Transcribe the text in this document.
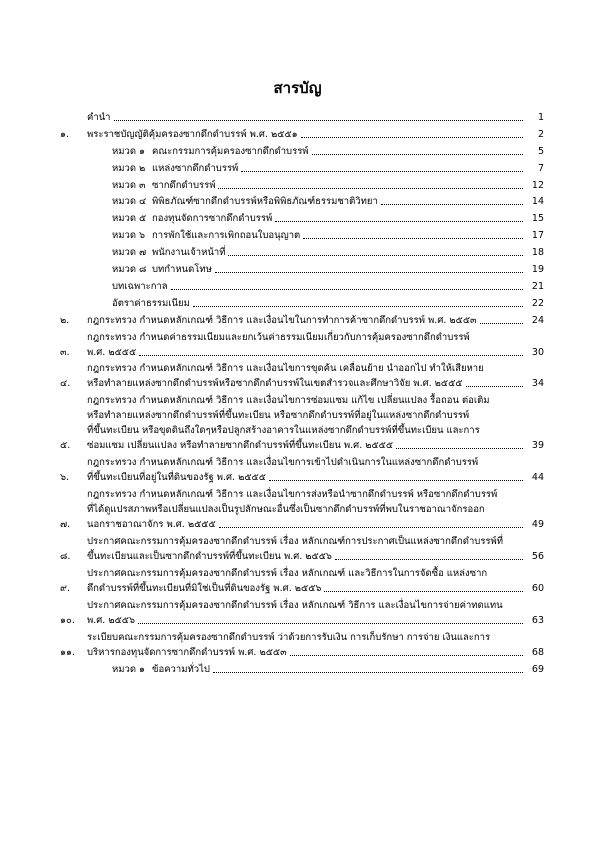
สารบัญ
คำนำ	1
๑.	พระราชบัญญัติคุ้มครองซากดึกดำบรรพ์ พ.ศ. ๒๕๕๑	2
หมวด ๑ คณะกรรมการคุ้มครองซากดึกดำบรรพ์	5
หมวด ๒ แหล่งซากดึกดำบรรพ์	7
หมวด ๓ ซากดึกดำบรรพ์	12
หมวด ๔ พิพิธภัณฑ์ซากดึกดำบรรพ์หรือพิพิธภัณฑ์ธรรมชาติวิทยา	14
หมวด ๕ กองทุนจัดการซากดึกดำบรรพ์	15
หมวด ๖ การพักใช้และการเพิกถอนใบอนุญาต	17
หมวด ๗ พนักงานเจ้าหน้าที่	18
หมวด ๘ บทกำหนดโทษ	19
บทเฉพาะกาล	21
อัตราค่าธรรมเนียม	22
๒.	กฎกระทรวง กำหนดหลักเกณฑ์ วิธีการ และเงื่อนไขในการทำการค้าซากดึกดำบรรพ์ พ.ศ. ๒๕๕๓	24
๓.
กฎกระทรวง กำหนดค่าธรรมเนียมและยกเว้นค่าธรรมเนียมเกี่ยวกับการคุ้มครองซากดึกดำบรรพ์
พ.ศ. ๒๕๕๕	30
๔.
กฎกระทรวง กำหนดหลักเกณฑ์ วิธีการ และเงื่อนไขการขุดค้น เคลื่อนย้าย นำออกไป ทำให้เสียหาย
หรือทำลายแหล่งซากดึกดำบรรพ์หรือซากดึกดำบรรพ์ในเขตสำรวจและศึกษาวิจัย พ.ศ. ๒๕๕๕	34
๕.
กฎกระทรวง กำหนดหลักเกณฑ์ วิธีการ และเงื่อนไขการซ่อมแซม แก้ไข เปลี่ยนแปลง รื้อถอน ต่อเติม
หรือทำลายแหล่งซากดึกดำบรรพ์ที่ขึ้นทะเบียน หรือซากดึกดำบรรพ์ที่อยู่ในแหล่งซากดึกดำบรรพ์
ที่ขึ้นทะเบียน หรือขุดดินถึงใดๆหรือปลูกสร้างอาคารในแหล่งซากดึกดำบรรพ์ที่ขึ้นทะเบียน และการ
ซ่อมแซม เปลี่ยนแปลง หรือทำลายซากดึกดำบรรพ์ที่ขึ้นทะเบียน พ.ศ. ๒๕๕๕	39
๖.
กฎกระทรวง กำหนดหลักเกณฑ์ วิธีการ และเงื่อนไขการเข้าไปดำเนินการในแหล่งซากดึกดำบรรพ์
ที่ขึ้นทะเบียนที่อยู่ในที่ดินของรัฐ พ.ศ. ๒๕๕๕	44
๗.
กฎกระทรวง กำหนดหลักเกณฑ์ วิธีการ และเงื่อนไขการส่งหรือนำซากดึกดำบรรพ์ หรือซากดึกดำบรรพ์
ที่ได้ดูแปรสภาพหรือเปลี่ยนแปลงเป็นรูปลักษณะอื่นซึ่งเป็นซากดึกดำบรรพ์ที่พบในราชอาณาจักรออก
นอกราชอาณาจักร พ.ศ. ๒๕๕๕	49
๘.
ประกาศคณะกรรมการคุ้มครองซากดึกดำบรรพ์ เรื่อง หลักเกณฑ์การประกาศเป็นแหล่งซากดึกดำบรรพ์ที่
ขึ้นทะเบียนและเป็นซากดึกดำบรรพ์ที่ขึ้นทะเบียน พ.ศ. ๒๕๕๖	56
๙.
ประกาศคณะกรรมการคุ้มครองซากดึกดำบรรพ์ เรื่อง หลักเกณฑ์ และวิธีการในการจัดซื้อ แหล่งซาก
ดึกดำบรรพ์ที่ขึ้นทะเบียนที่มิใช่เป็นที่ดินของรัฐ พ.ศ. ๒๕๕๖	60
๑๐.
ประกาศคณะกรรมการคุ้มครองซากดึกดำบรรพ์ เรื่อง หลักเกณฑ์ วิธีการ และเงื่อนไขการจ่ายค่าทดแทน
พ.ศ. ๒๕๕๖	63
๑๑.
ระเบียบคณะกรรมการคุ้มครองซากดึกดำบรรพ์ ว่าด้วยการรับเงิน การเก็บรักษา การจ่าย เงินและการ
บริหารกองทุนจัดการซากดึกดำบรรพ์ พ.ศ. ๒๕๕๓	68
หมวด ๑ ข้อความทั่วไป	69
